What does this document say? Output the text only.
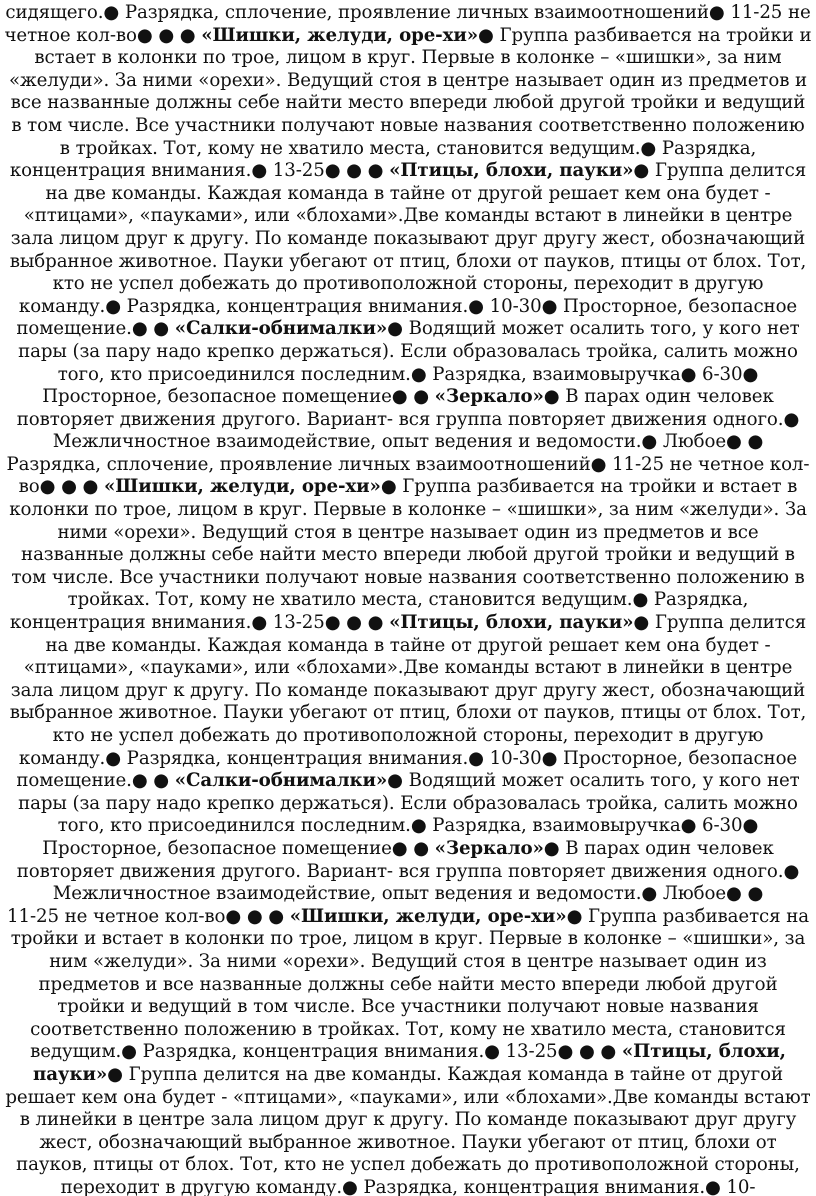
сидящего.● Разрядка, сплочение, проявление личных взаимоотношений● 11-25 не четное кол-во● ● ● «Шишки, желуди, оре-хи»● Группа разбивается на тройки и встает в колонки по трое, лицом в круг. Первые в колонке – «шишки», за ним «желуди». За ними «орехи». Ведущий стоя в центре называет один из предметов и все названные должны себе найти место впереди любой другой тройки и ведущий в том числе. Все участники получают новые названия соответственно положению в тройках. Тот, кому не хватило места, становится ведущим.● Разрядка, концентрация внимания.● 13-25● ● ● «Птицы, блохи, пауки»● Группа делится на две команды. Каждая команда в тайне от другой решает кем она будет - «птицами», «пауками», или «блохами».Две команды встают в линейки в центре зала лицом друг к другу. По команде показывают друг другу жест, обозначающий выбранное животное. Пауки убегают от птиц, блохи от пауков, птицы от блох. Тот, кто не успел добежать до противоположной стороны, переходит в другую команду.● Разрядка, концентрация внимания.● 10-30● Просторное, безопасное помещение.● ● «Салки-обнималки»● Водящий может осалить того, у кого нет пары (за пару надо крепко держаться). Если образовалась тройка, салить можно того, кто присоединился последним.● Разрядка, взаимовыручка● 6-30● Просторное, безопасное помещение● ● «Зеркало»● В парах один человек повторяет движения другого. Вариант- вся группа повторяет движения одного.● Межличностное взаимодействие, опыт ведения и ведомости.● Любое● ●

Разрядка, сплочение, проявление личных взаимоотношений● 11-25 не четное кол-во● ● ● «Шишки, желуди, оре-хи»● Группа разбивается на тройки и встает в колонки по трое, лицом в круг. Первые в колонке – «шишки», за ним «желуди». За ними «орехи». Ведущий стоя в центре называет один из предметов и все названные должны себе найти место впереди любой другой тройки и ведущий в том числе. Все участники получают новые названия соответственно положению в тройках. Тот, кому не хватило места, становится ведущим.● Разрядка, концентрация внимания.● 13-25● ● ● «Птицы, блохи, пауки»● Группа делится на две команды. Каждая команда в тайне от другой решает кем она будет - «птицами», «пауками», или «блохами».Две команды встают в линейки в центре зала лицом друг к другу. По команде показывают друг другу жест, обозначающий выбранное животное. Пауки убегают от птиц, блохи от пауков, птицы от блох. Тот, кто не успел добежать до противоположной стороны, переходит в другую команду.● Разрядка, концентрация внимания.● 10-30● Просторное, безопасное помещение.● ● «Салки-обнималки»● Водящий может осалить того, у кого нет пары (за пару надо крепко держаться). Если образовалась тройка, салить можно того, кто присоединился последним.● Разрядка, взаимовыручка● 6-30● Просторное, безопасное помещение● ● «Зеркало»● В парах один человек повторяет движения другого. Вариант- вся группа повторяет движения одного.● Межличностное взаимодействие, опыт ведения и ведомости.● Любое● ●

11-25 не четное кол-во● ● ● «Шишки, желуди, оре-хи»● Группа разбивается на тройки и встает в колонки по трое, лицом в круг. Первые в колонке – «шишки», за ним «желуди». За ними «орехи». Ведущий стоя в центре называет один из предметов и все названные должны себе найти место впереди любой другой тройки и ведущий в том числе. Все участники получают новые названия соответственно положению в тройках. Тот, кому не хватило места, становится ведущим.● Разрядка, концентрация внимания.● 13-25● ● ● «Птицы, блохи, пауки»● Группа делится на две команды. Каждая команда в тайне от другой решает кем она будет - «птицами», «пауками», или «блохами».Две команды встают в линейки в центре зала лицом друг к другу. По команде показывают друг другу жест, обозначающий выбранное животное. Пауки убегают от птиц, блохи от пауков, птицы от блох. Тот, кто не успел добежать до противоположной стороны, переходит в другую команду.● Разрядка, концентрация внимания.● 10-
